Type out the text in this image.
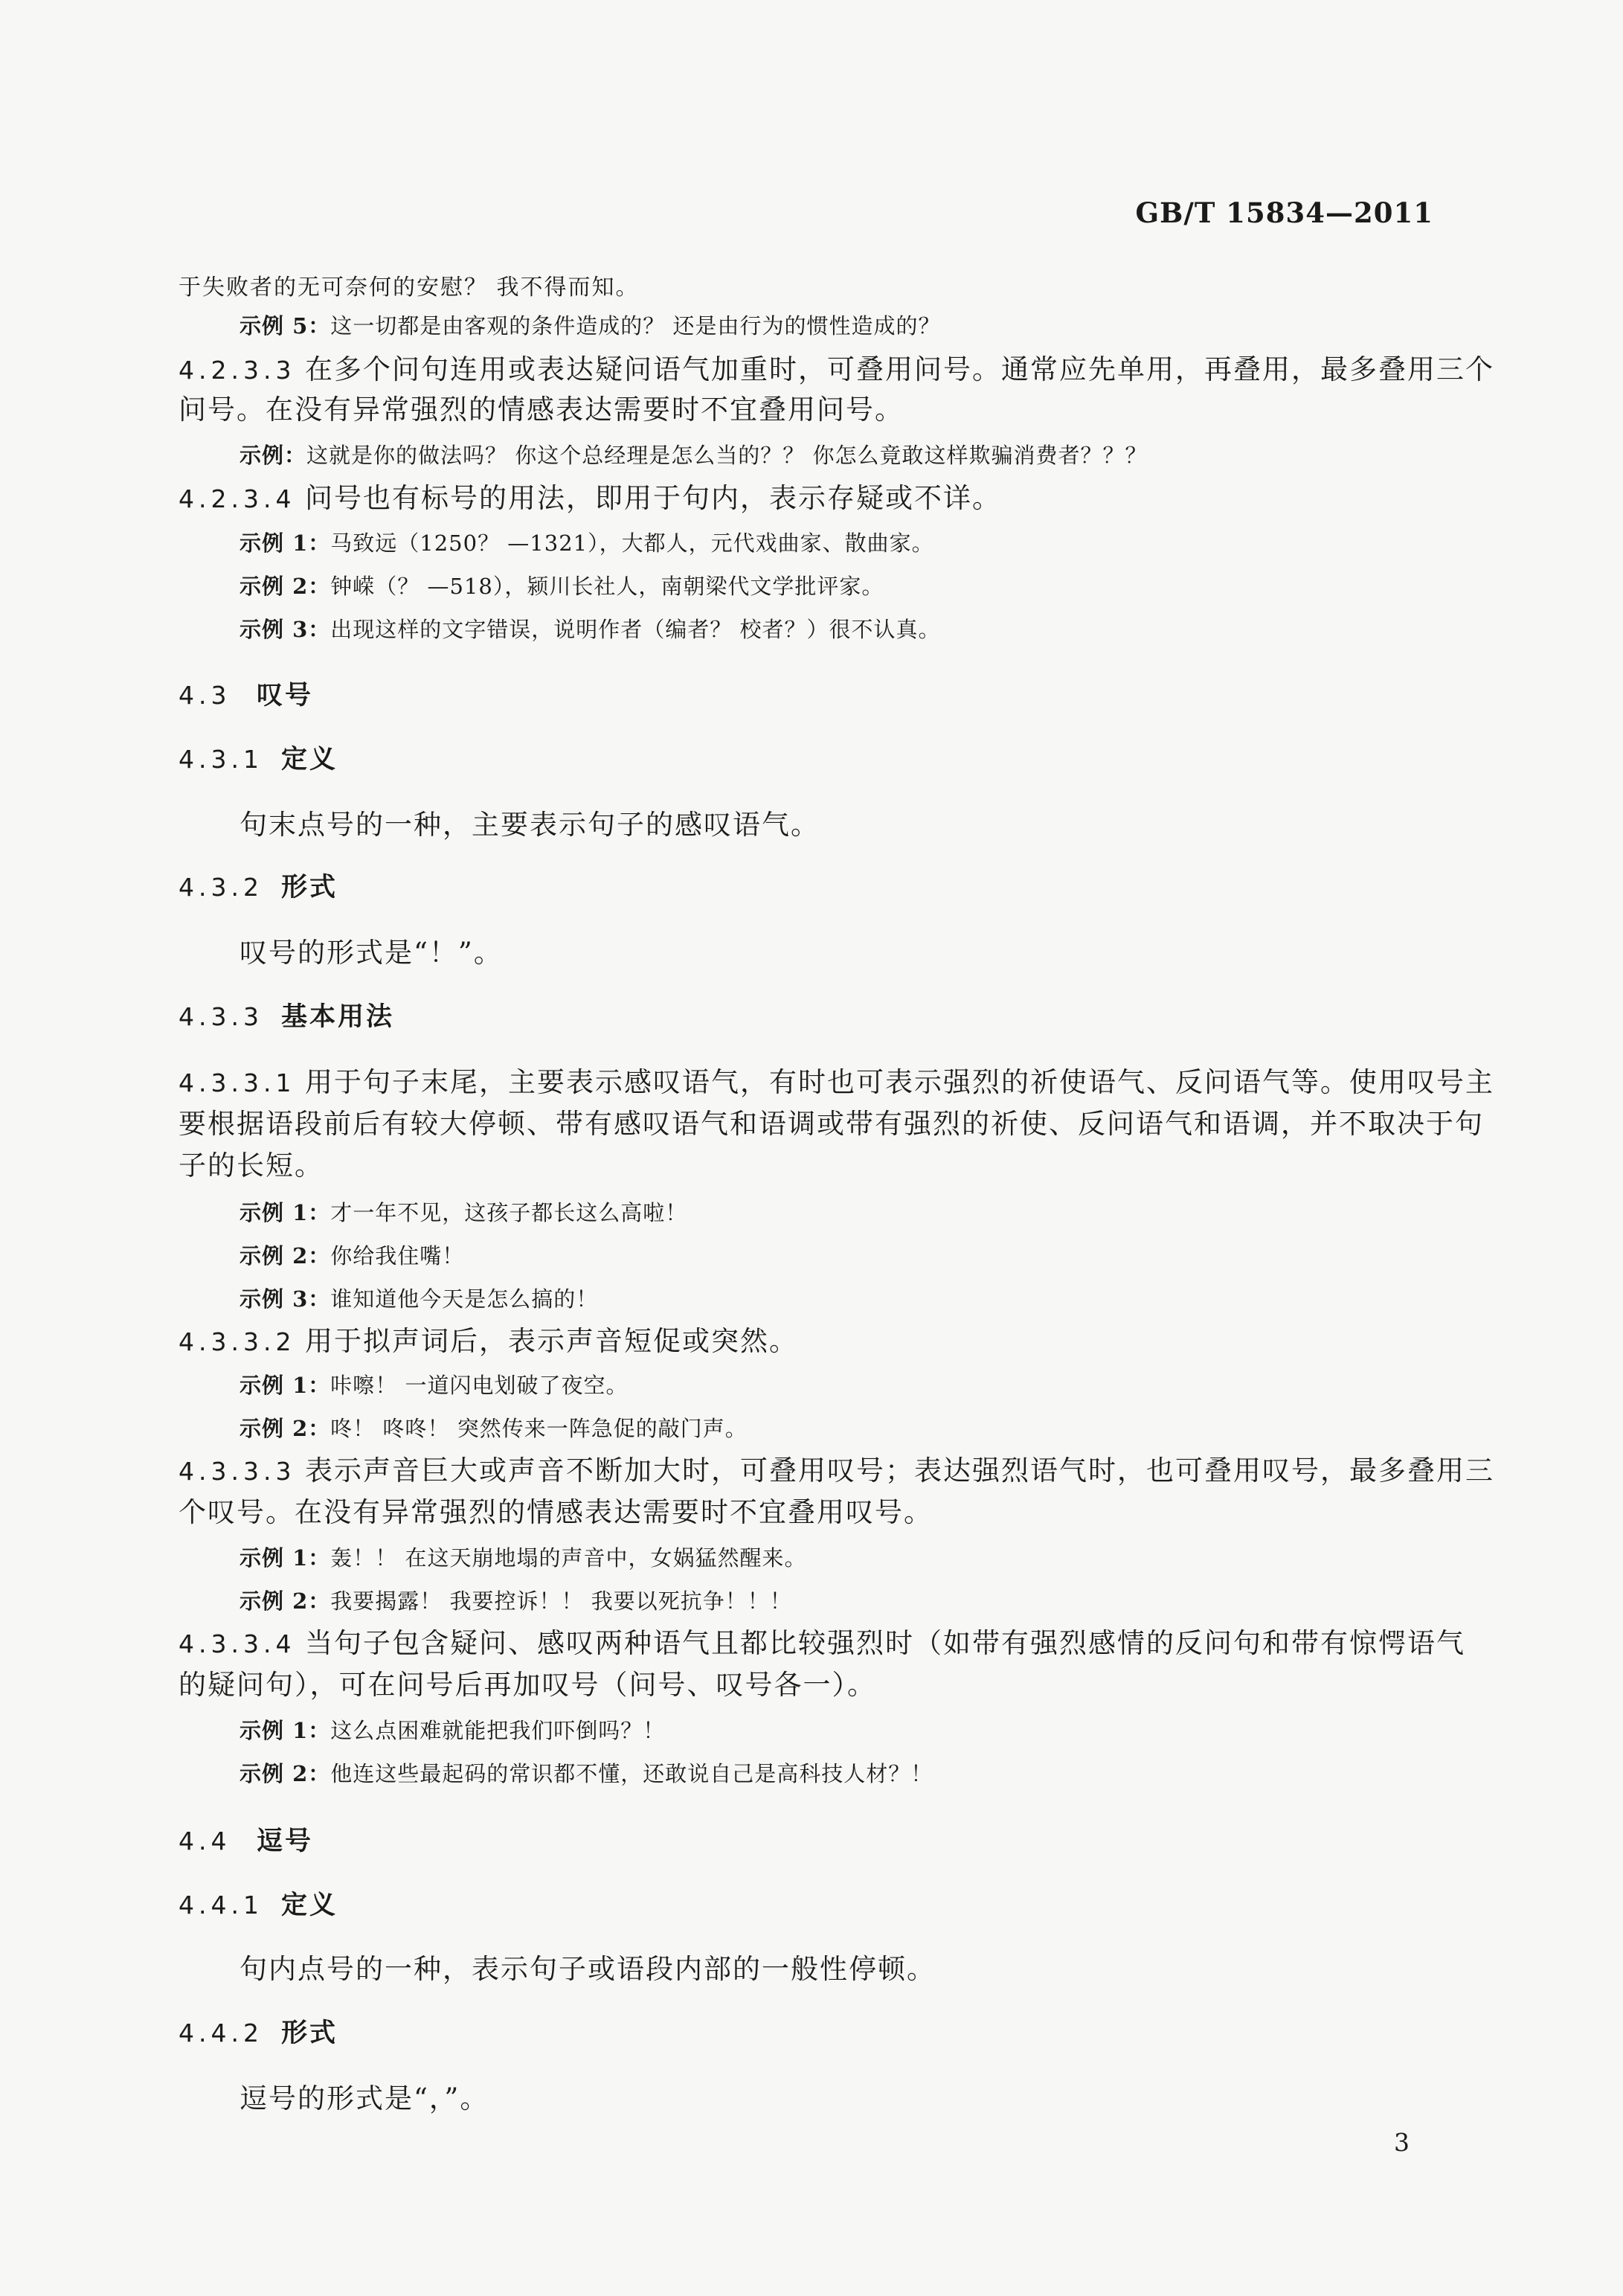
GB/T 15834—2011
于失败者的无可奈何的安慰？ 我不得而知。
示例 5：这一切都是由客观的条件造成的？ 还是由行为的惯性造成的？
4.2.3.3 在多个问句连用或表达疑问语气加重时，可叠用问号。通常应先单用，再叠用，最多叠用三个
问号。在没有异常强烈的情感表达需要时不宜叠用问号。
示例：这就是你的做法吗？ 你这个总经理是怎么当的？？ 你怎么竟敢这样欺骗消费者？？？
4.2.3.4 问号也有标号的用法，即用于句内，表示存疑或不详。
示例 1：马致远（1250？ —1321），大都人，元代戏曲家、散曲家。
示例 2：钟嵘（？ —518），颍川长社人，南朝梁代文学批评家。
示例 3：出现这样的文字错误，说明作者（编者？ 校者？）很不认真。
4.3 叹号
4.3.1 定义
句末点号的一种，主要表示句子的感叹语气。
4.3.2 形式
叹号的形式是“！”。
4.3.3 基本用法
4.3.3.1 用于句子末尾，主要表示感叹语气，有时也可表示强烈的祈使语气、反问语气等。使用叹号主
要根据语段前后有较大停顿、带有感叹语气和语调或带有强烈的祈使、反问语气和语调，并不取决于句
子的长短。
示例 1：才一年不见，这孩子都长这么高啦！
示例 2：你给我住嘴！
示例 3：谁知道他今天是怎么搞的！
4.3.3.2 用于拟声词后，表示声音短促或突然。
示例 1：咔嚓！ 一道闪电划破了夜空。
示例 2：咚！ 咚咚！ 突然传来一阵急促的敲门声。
4.3.3.3 表示声音巨大或声音不断加大时，可叠用叹号；表达强烈语气时，也可叠用叹号，最多叠用三
个叹号。在没有异常强烈的情感表达需要时不宜叠用叹号。
示例 1：轰！！ 在这天崩地塌的声音中，女娲猛然醒来。
示例 2：我要揭露！ 我要控诉！！ 我要以死抗争！！！
4.3.3.4 当句子包含疑问、感叹两种语气且都比较强烈时（如带有强烈感情的反问句和带有惊愕语气
的疑问句），可在问号后再加叹号（问号、叹号各一）。
示例 1：这么点困难就能把我们吓倒吗？！
示例 2：他连这些最起码的常识都不懂，还敢说自己是高科技人材？！
4.4 逗号
4.4.1 定义
句内点号的一种，表示句子或语段内部的一般性停顿。
4.4.2 形式
逗号的形式是“，”。
3
